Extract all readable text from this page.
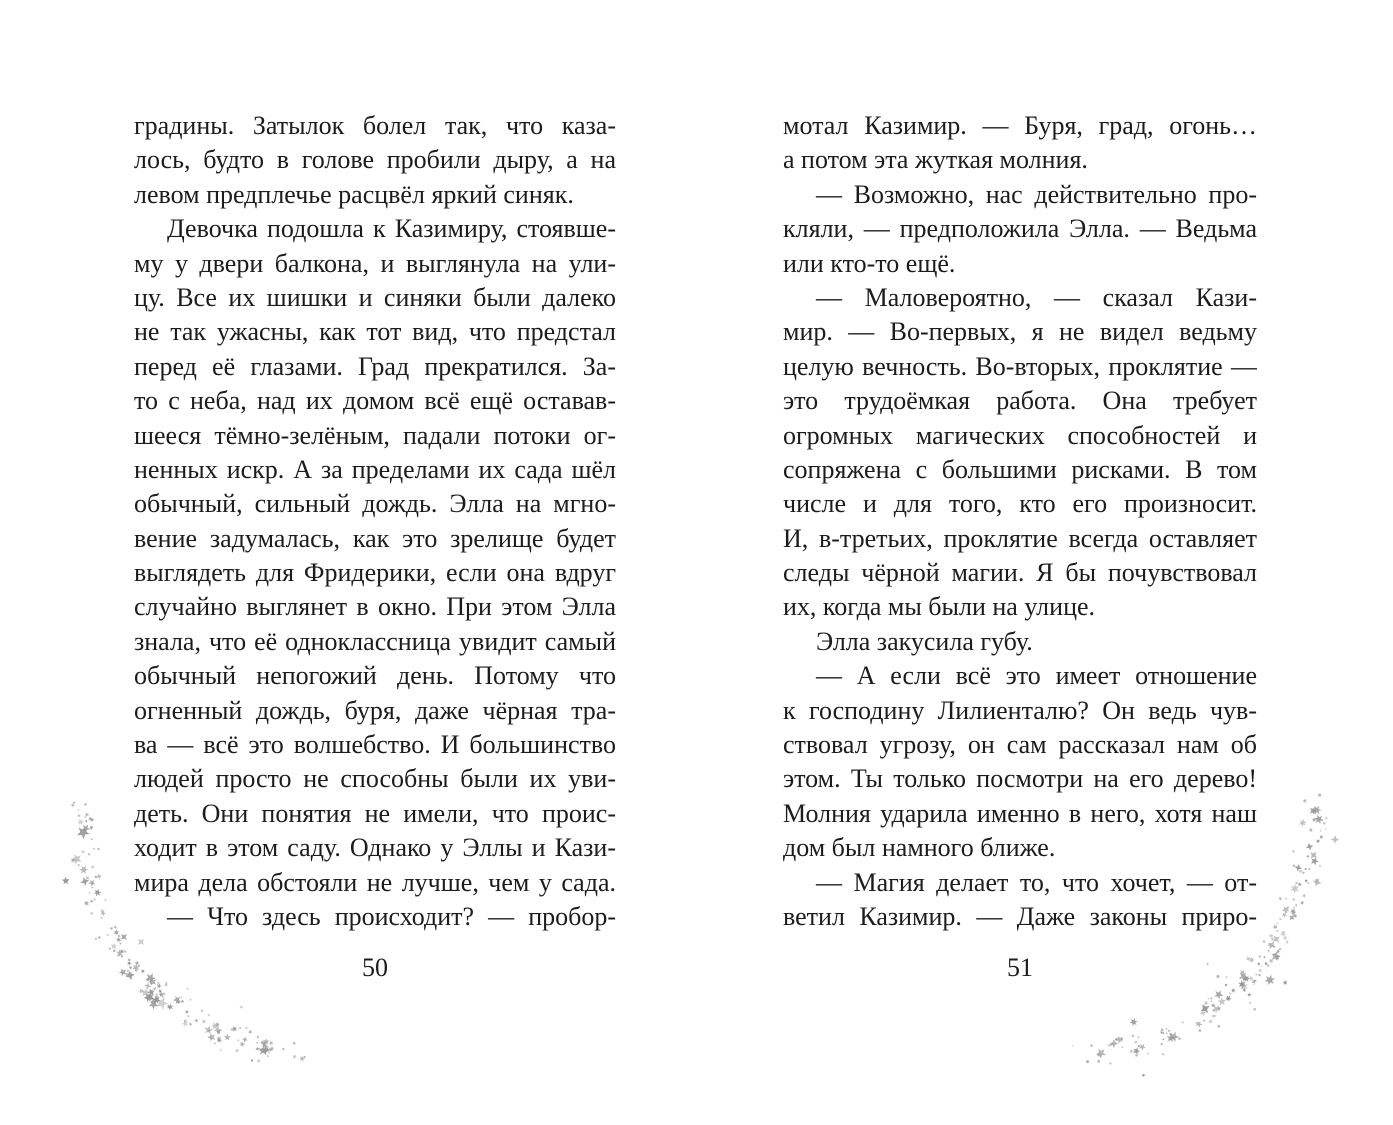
градины. Затылок болел так, что каза-
лось, будто в голове пробили дыру, а на
левом предплечье расцвёл яркий синяк.
Девочка подошла к Казимиру, стоявше-
му у двери балкона, и выглянула на ули-
цу. Все их шишки и синяки были далеко
не так ужасны, как тот вид, что предстал
перед её глазами. Град прекратился. За-
то с неба, над их домом всё ещё оставав-
шееся тёмно-зелёным, падали потоки ог-
ненных искр. А за пределами их сада шёл
обычный, сильный дождь. Элла на мгно-
вение задумалась, как это зрелище будет
выглядеть для Фридерики, если она вдруг
случайно выглянет в окно. При этом Элла
знала, что её одноклассница увидит самый
обычный непогожий день. Потому что
огненный дождь, буря, даже чёрная тра-
ва — всё это волшебство. И большинство
людей просто не способны были их уви-
деть. Они понятия не имели, что проис-
ходит в этом саду. Однако у Эллы и Кази-
мира дела обстояли не лучше, чем у сада.
— Что здесь происходит? — пробор-
мотал Казимир. — Буря, град, огонь…
а потом эта жуткая молния.
— Возможно, нас действительно про-
кляли, — предположила Элла. — Ведьма
или кто-то ещё.
— Маловероятно, — сказал Кази-
мир. — Во-первых, я не видел ведьму
целую вечность. Во-вторых, проклятие —
это трудоёмкая работа. Она требует
огромных магических способностей и
сопряжена с большими рисками. В том
числе и для того, кто его произносит.
И, в-третьих, проклятие всегда оставляет
следы чёрной магии. Я бы почувствовал
их, когда мы были на улице.
Элла закусила губу.
— А если всё это имеет отношение
к господину Лилиенталю? Он ведь чув-
ствовал угрозу, он сам рассказал нам об
этом. Ты только посмотри на его дерево!
Молния ударила именно в него, хотя наш
дом был намного ближе.
— Магия делает то, что хочет, — от-
ветил Казимир. — Даже законы приро-
50	51
